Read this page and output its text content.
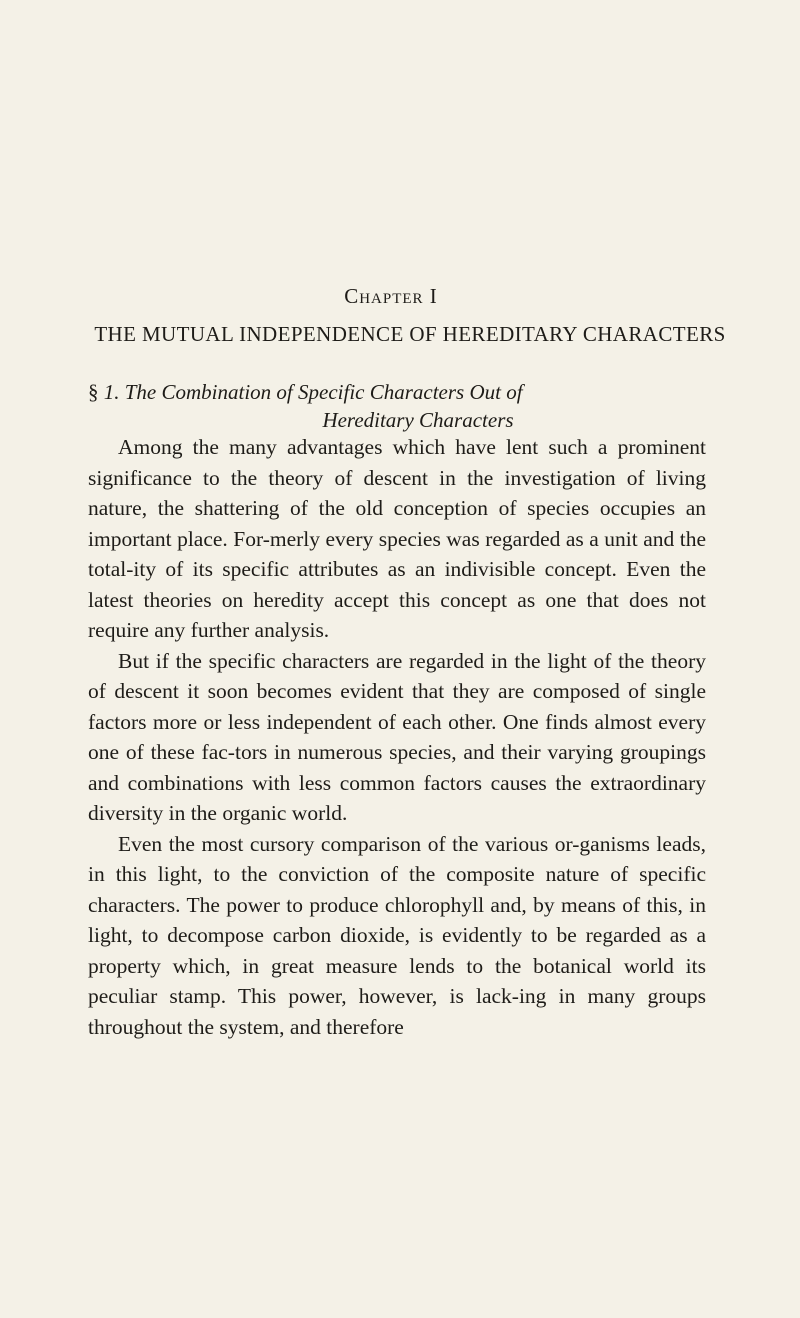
Chapter I
THE MUTUAL INDEPENDENCE OF HEREDITARY CHARACTERS
§ 1. The Combination of Specific Characters Out of
Hereditary Characters

Among the many advantages which have lent such a prominent significance to the theory of descent in the investigation of living nature, the shattering of the old conception of species occupies an important place. For-merly every species was regarded as a unit and the total-ity of its specific attributes as an indivisible concept. Even the latest theories on heredity accept this concept as one that does not require any further analysis.

But if the specific characters are regarded in the light of the theory of descent it soon becomes evident that they are composed of single factors more or less independent of each other. One finds almost every one of these fac-tors in numerous species, and their varying groupings and combinations with less common factors causes the extraordinary diversity in the organic world.

Even the most cursory comparison of the various or-ganisms leads, in this light, to the conviction of the composite nature of specific characters. The power to produce chlorophyll and, by means of this, in light, to decompose carbon dioxide, is evidently to be regarded as a property which, in great measure lends to the botanical world its peculiar stamp. This power, however, is lack-ing in many groups throughout the system, and therefore
